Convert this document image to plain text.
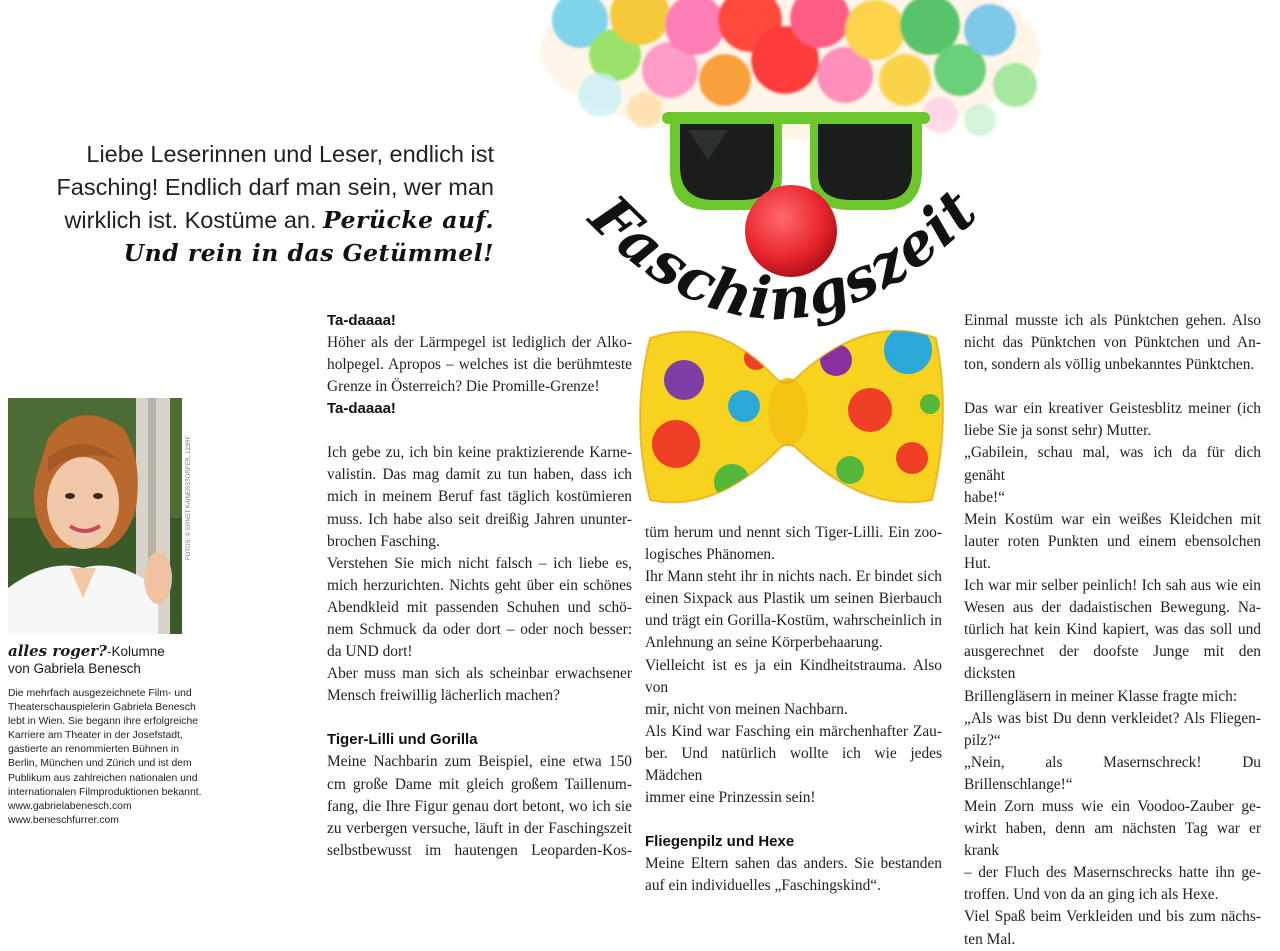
Faschingszeit
Liebe Leserinnen und Leser, endlich ist
Fasching! Endlich darf man sein, wer man
wirklich ist. Kostüme an. Perücke auf.
Und rein in das Getümmel!
FOTOS: © ERNST KAINERSTORFER, 123RF
alles roger?-Kolumne
von Gabriela Benesch
Die mehrfach ausgezeichnete Film- und
Theaterschauspielerin Gabriela Benesch
lebt in Wien. Sie begann ihre erfolgreiche
Karriere am Theater in der Josefstadt,
gastierte an renommierten Bühnen in
Berlin, München und Zürich und ist dem
Publikum aus zahlreichen nationalen und
internationalen Filmproduktionen bekannt.
www.gabrielabenesch.com
www.beneschfurrer.com
Ta-daaaa!

Höher als der Lärmpegel ist lediglich der Alko-

holpegel. Apropos – welches ist die berühmteste

Grenze in Österreich? Die Promille-Grenze!

Ta-daaaa!

Ich gebe zu, ich bin keine praktizierende Karne-

valistin. Das mag damit zu tun haben, dass ich

mich in meinem Beruf fast täglich kostümieren

muss. Ich habe also seit dreißig Jahren ununter-

brochen Fasching.

Verstehen Sie mich nicht falsch – ich liebe es,

mich herzurichten. Nichts geht über ein schönes

Abendkleid mit passenden Schuhen und schö-

nem Schmuck da oder dort – oder noch besser:

da UND dort!

Aber muss man sich als scheinbar erwachsener

Mensch freiwillig lächerlich machen?

Tiger-Lilli und Gorilla

Meine Nachbarin zum Beispiel, eine etwa 150

cm große Dame mit gleich großem Taillenum-

fang, die Ihre Figur genau dort betont, wo ich sie

zu verbergen versuche, läuft in der Faschingszeit

selbstbewusst im hautengen Leoparden-Kos-

tüm herum und nennt sich Tiger-Lilli. Ein zoo-

logisches Phänomen.

Ihr Mann steht ihr in nichts nach. Er bindet sich

einen Sixpack aus Plastik um seinen Bierbauch

und trägt ein Gorilla-Kostüm, wahrscheinlich in

Anlehnung an seine Körperbehaarung.

Vielleicht ist es ja ein Kindheitstrauma. Also von

mir, nicht von meinen Nachbarn.

Als Kind war Fasching ein märchenhafter Zau-

ber. Und natürlich wollte ich wie jedes Mädchen

immer eine Prinzessin sein!

Fliegenpilz und Hexe

Meine Eltern sahen das anders. Sie bestanden

auf ein individuelles „Faschingskind“.

Einmal musste ich als Pünktchen gehen. Also

nicht das Pünktchen von Pünktchen und An-

ton, sondern als völlig unbekanntes Pünktchen.

Das war ein kreativer Geistesblitz meiner (ich

liebe Sie ja sonst sehr) Mutter.

„Gabilein, schau mal, was ich da für dich genäht

habe!“

Mein Kostüm war ein weißes Kleidchen mit

lauter roten Punkten und einem ebensolchen

Hut.

Ich war mir selber peinlich! Ich sah aus wie ein

Wesen aus der dadaistischen Bewegung. Na-

türlich hat kein Kind kapiert, was das soll und

ausgerechnet der doofste Junge mit den dicksten

Brillengläsern in meiner Klasse fragte mich:

„Als was bist Du denn verkleidet? Als Fliegen-

pilz?“

„Nein, als Masernschreck! Du Brillenschlange!“

Mein Zorn muss wie ein Voodoo-Zauber ge-

wirkt haben, denn am nächsten Tag war er krank

– der Fluch des Masernschrecks hatte ihn ge-

troffen. Und von da an ging ich als Hexe.

Viel Spaß beim Verkleiden und bis zum nächs-

ten Mal.
